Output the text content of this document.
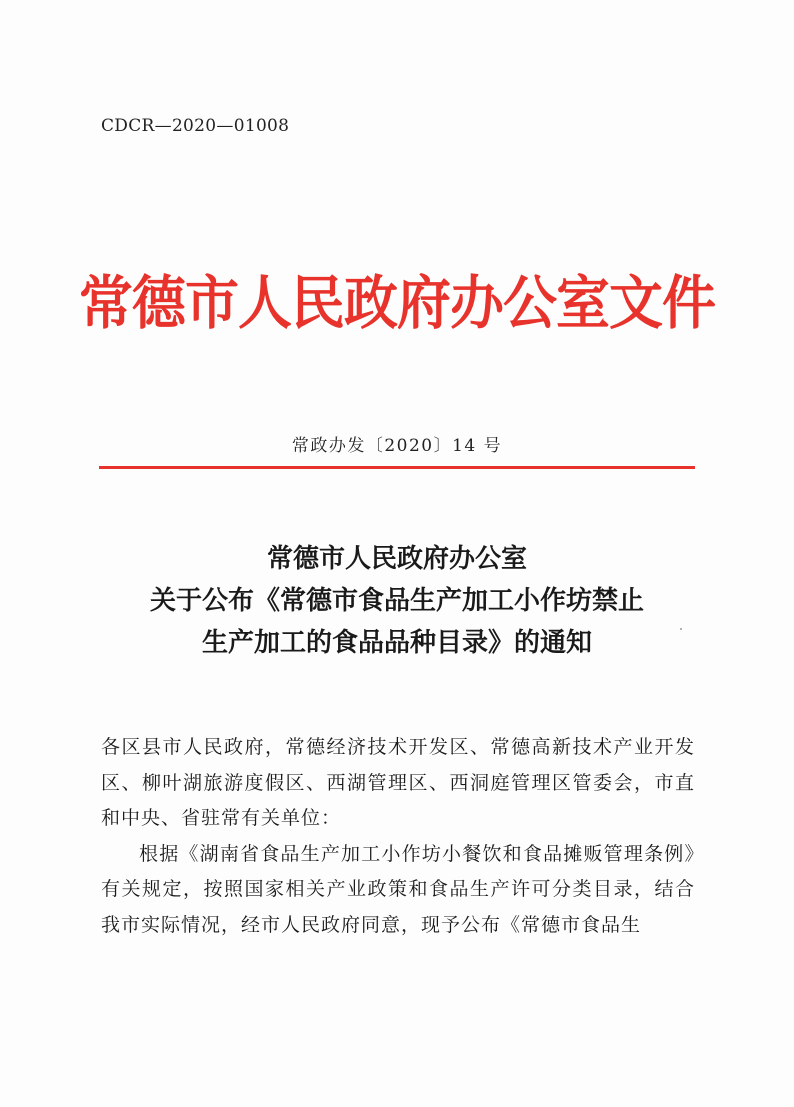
CDCR—2020—01008
常德市人民政府办公室文件
常政办发〔2020〕14 号
常德市人民政府办公室
关于公布《常德市食品生产加工小作坊禁止
生产加工的食品品种目录》的通知

各区县市人民政府，常德经济技术开发区、常德高新技术产业开发区、柳叶湖旅游度假区、西湖管理区、西洞庭管理区管委会，市直和中央、省驻常有关单位：

根据《湖南省食品生产加工小作坊小餐饮和食品摊贩管理条例》有关规定，按照国家相关产业政策和食品生产许可分类目录，结合我市实际情况，经市人民政府同意，现予公布《常德市食品生
